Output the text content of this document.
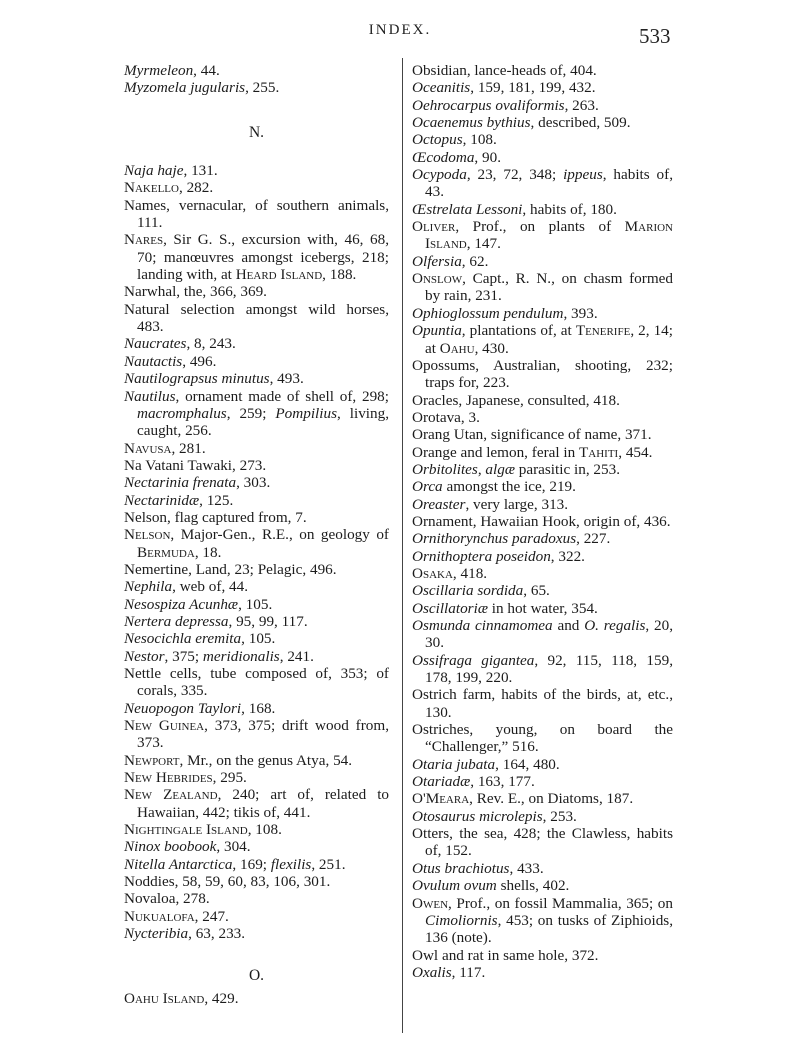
INDEX.	533
Myrmeleon, 44.
Myzomela jugularis, 255.

N.

Naja haje, 131.
Nakello, 282.
Names, vernacular, of southern animals, 111.
Nares, Sir G. S., excursion with, 46, 68, 70; manœuvres amongst icebergs, 218; landing with, at Heard Island, 188.
Narwhal, the, 366, 369.
Natural selection amongst wild horses, 483.
Naucrates, 8, 243.
Nautactis, 496.
Nautilograpsus minutus, 493.
Nautilus, ornament made of shell of, 298; macromphalus, 259; Pompilius, living, caught, 256.
Navusa, 281.
Na Vatani Tawaki, 273.
Nectarinia frenata, 303.
Nectarinidæ, 125.
Nelson, flag captured from, 7.
Nelson, Major-Gen., R.E., on geology of Bermuda, 18.
Nemertine, Land, 23; Pelagic, 496.
Nephila, web of, 44.
Nesospiza Acunhæ, 105.
Nertera depressa, 95, 99, 117.
Nesocichla eremita, 105.
Nestor, 375; meridionalis, 241.
Nettle cells, tube composed of, 353; of corals, 335.
Neuopogon Taylori, 168.
New Guinea, 373, 375; drift wood from, 373.
Newport, Mr., on the genus Atya, 54.
New Hebrides, 295.
New Zealand, 240; art of, related to Hawaiian, 442; tikis of, 441.
Nightingale Island, 108.
Ninox boobook, 304.
Nitella Antarctica, 169; flexilis, 251.
Noddies, 58, 59, 60, 83, 106, 301.
Novaloa, 278.
Nukualofa, 247.
Nycteribia, 63, 233.

O.

Oahu Island, 429.
Obsidian, lance-heads of, 404.
Oceanitis, 159, 181, 199, 432.
Oehrocarpus ovaliformis, 263.
Ocaenemus bythius, described, 509.
Octopus, 108.
Œcodoma, 90.
Ocypoda, 23, 72, 348; ippeus, habits of, 43.
Œstrelata Lessoni, habits of, 180.
Oliver, Prof., on plants of Marion Island, 147.
Olfersia, 62.
Onslow, Capt., R. N., on chasm formed by rain, 231.
Ophioglossum pendulum, 393.
Opuntia, plantations of, at Tenerife, 2, 14; at Oahu, 430.
Opossums, Australian, shooting, 232; traps for, 223.
Oracles, Japanese, consulted, 418.
Orotava, 3.
Orang Utan, significance of name, 371.
Orange and lemon, feral in Tahiti, 454.
Orbitolites, algæ parasitic in, 253.
Orca amongst the ice, 219.
Oreaster, very large, 313.
Ornament, Hawaiian Hook, origin of, 436.
Ornithorynchus paradoxus, 227.
Ornithoptera poseidon, 322.
Osaka, 418.
Oscillaria sordida, 65.
Oscillatoriæ in hot water, 354.
Osmunda cinnamomea and O. regalis, 20, 30.
Ossifraga gigantea, 92, 115, 118, 159, 178, 199, 220.
Ostrich farm, habits of the birds, at, etc., 130.
Ostriches, young, on board the “Challenger,” 516.
Otaria jubata, 164, 480.
Otariadæ, 163, 177.
O'Meara, Rev. E., on Diatoms, 187.
Otosaurus microlepis, 253.
Otters, the sea, 428; the Clawless, habits of, 152.
Otus brachiotus, 433.
Ovulum ovum shells, 402.
Owen, Prof., on fossil Mammalia, 365; on Cimoliornis, 453; on tusks of Ziphioids, 136 (note).
Owl and rat in same hole, 372.
Oxalis, 117.
